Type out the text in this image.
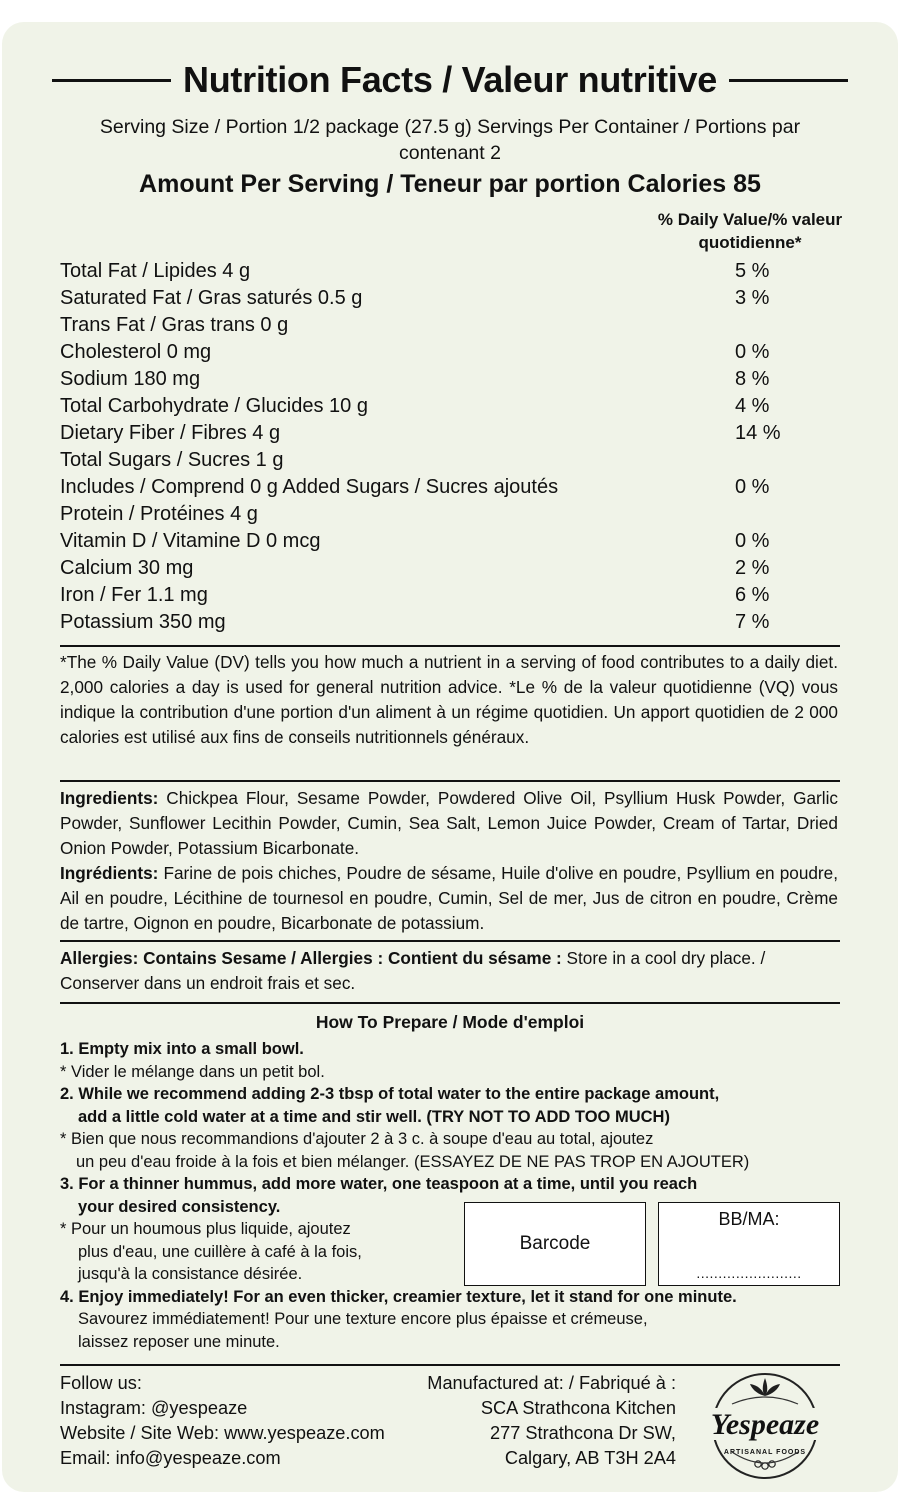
Nutrition Facts / Valeur nutritive
Serving Size / Portion 1/2 package (27.5 g) Servings Per Container / Portions par contenant 2
Amount Per Serving / Teneur par portion Calories 85
% Daily Value/% valeur quotidienne*
Total Fat / Lipides 4 g	5 %
Saturated Fat / Gras saturés 0.5 g	3 %
Trans Fat / Gras trans 0 g
Cholesterol 0 mg	0 %
Sodium 180 mg	8 %
Total Carbohydrate / Glucides 10 g	4 %
Dietary Fiber / Fibres 4 g	14 %
Total Sugars / Sucres 1 g
Includes / Comprend 0 g Added Sugars / Sucres ajoutés	0 %
Protein / Protéines 4 g
Vitamin D / Vitamine D 0 mcg	0 %
Calcium 30 mg	2 %
Iron / Fer 1.1 mg	6 %
Potassium 350 mg	7 %
*The % Daily Value (DV) tells you how much a nutrient in a serving of food contributes to a daily diet. 2,000 calories a day is used for general nutrition advice. *Le % de la valeur quotidienne (VQ) vous indique la contribution d'une portion d'un aliment à un régime quotidien. Un apport quotidien de 2 000 calories est utilisé aux fins de conseils nutritionnels généraux.

Ingredients: Chickpea Flour, Sesame Powder, Powdered Olive Oil, Psyllium Husk Powder, Garlic Powder, Sunflower Lecithin Powder, Cumin, Sea Salt, Lemon Juice Powder, Cream of Tartar, Dried Onion Powder, Potassium Bicarbonate.

Ingrédients: Farine de pois chiches, Poudre de sésame, Huile d'olive en poudre, Psyllium en poudre, Ail en poudre, Lécithine de tournesol en poudre, Cumin, Sel de mer, Jus de citron en poudre, Crème de tartre, Oignon en poudre, Bicarbonate de potassium.

Allergies: Contains Sesame / Allergies : Contient du sésame : Store in a cool dry place. / Conserver dans un endroit frais et sec.
How To Prepare / Mode d'emploi

1. Empty mix into a small bowl.

* Vider le mélange dans un petit bol.

2. While we recommend adding 2-3 tbsp of total water to the entire package amount,

add a little cold water at a time and stir well. (TRY NOT TO ADD TOO MUCH)

* Bien que nous recommandions d'ajouter 2 à 3 c. à soupe d'eau au total, ajoutez

un peu d'eau froide à la fois et bien mélanger. (ESSAYEZ DE NE PAS TROP EN AJOUTER)

3. For a thinner hummus, add more water, one teaspoon at a time, until you reach

your desired consistency.

* Pour un houmous plus liquide, ajoutez

plus d'eau, une cuillère à café à la fois,

jusqu'à la consistance désirée.

4. Enjoy immediately! For an even thicker, creamier texture, let it stand for one minute.

Savourez immédiatement! Pour une texture encore plus épaisse et crémeuse,

laissez reposer une minute.

Barcode
BB/MA:
........................
Follow us:
Instagram: @yespeaze
Website / Site Web: www.yespeaze.com
Email: info@yespeaze.com
Manufactured at: / Fabriqué à :
SCA Strathcona Kitchen
277 Strathcona Dr SW,
Calgary, AB T3H 2A4
Yespeaze
ARTISANAL FOODS
